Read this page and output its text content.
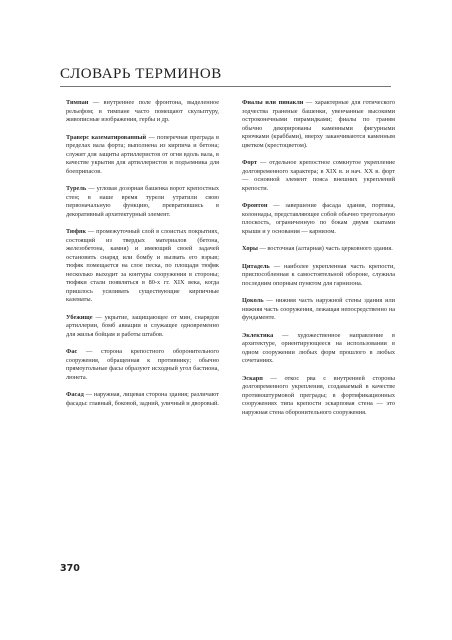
СЛОВАРЬ ТЕРМИНОВ

Тимпан — внутреннее поле фронтона, выделенное рельефом; в тимпане часто помещают скульптуру, живописные изображения, гербы и др.

Траверс казематированный — поперечная преграда в пределах вала форта; выполнена из кирпича и бетона; служит для защиты артиллеристов от огня вдоль вала, в качестве укрытия для артиллеристов и подъемника для боеприпасов.

Турель — угловая дозорная башенка ворот крепостных стен; в наше время турели утратили свою первоначальную функцию, превратившись в декоративный архитектурный элемент.

Тюфяк — промежуточный слой в слоистых покрытиях, состоящий из твердых материалов (бетона, железобетона, камня) и имеющий своей задачей остановить снаряд или бомбу и вызвать его взрыв; тюфяк помещается на слое песка, по площади тюфяк несколько выходит за контуры сооружения в стороны; тюфяки стали появляться в 80-х гг. XIX века, когда пришлось усиливать существующие кирпичные казематы.

Убежище — укрытие, защищающее от мин, снарядов артиллерии, бомб авиации и служащее одновременно для жилья бойцам и работы штабов.

Фас — сторона крепостного оборонительного сооружения, обращенная к противнику; обычно прямоугольные фасы образуют исходный угол бастиона, люнета.

Фасад — наружная, лицевая сторона здания; различают фасады: главный, боковой, задний, уличный и дворовый.

Фиалы или пинакли — характерные для готического зодчества граненые башенки, увенчанные высокими остроконечными пирамидками; фиалы по граням обычно декорированы каменными фигурными крючками (краббами), вверху заканчиваются каменным цветком (крестоцветом).

Форт — отдельное крепостное сомкнутое укрепление долговременного характера; в XIX в. и нач. XX в. форт — основной элемент пояса внешних укреплений крепости.

Фронтон — завершение фасада здания, портика, колоннады, представляющее собой обычно треугольную плоскость, ограниченную по бокам двумя скатами крыши и у основания — карнизом.

Хоры — восточная (алтарная) часть церковного здания.

Цитадель — наиболее укрепленная часть крепости, приспособленная к самостоятельной обороне, служила последним опорным пунктом для гарнизона.

Цоколь — нижняя часть наружной стены здания или нижняя часть сооружения, лежащая непосредственно на фундаменте.

Эклектика — художественное направление в архитектуре, ориентирующееся на использовании в одном сооружении любых форм прошлого в любых сочетаниях.

Эскарп — откос рва с внутренней стороны долговременного укрепления, создаваемый в качестве противоштурмовой преграды; в фортификационных сооружениях типа крепости эскарповая стена — это наружная стена оборонительного сооружения.

370
